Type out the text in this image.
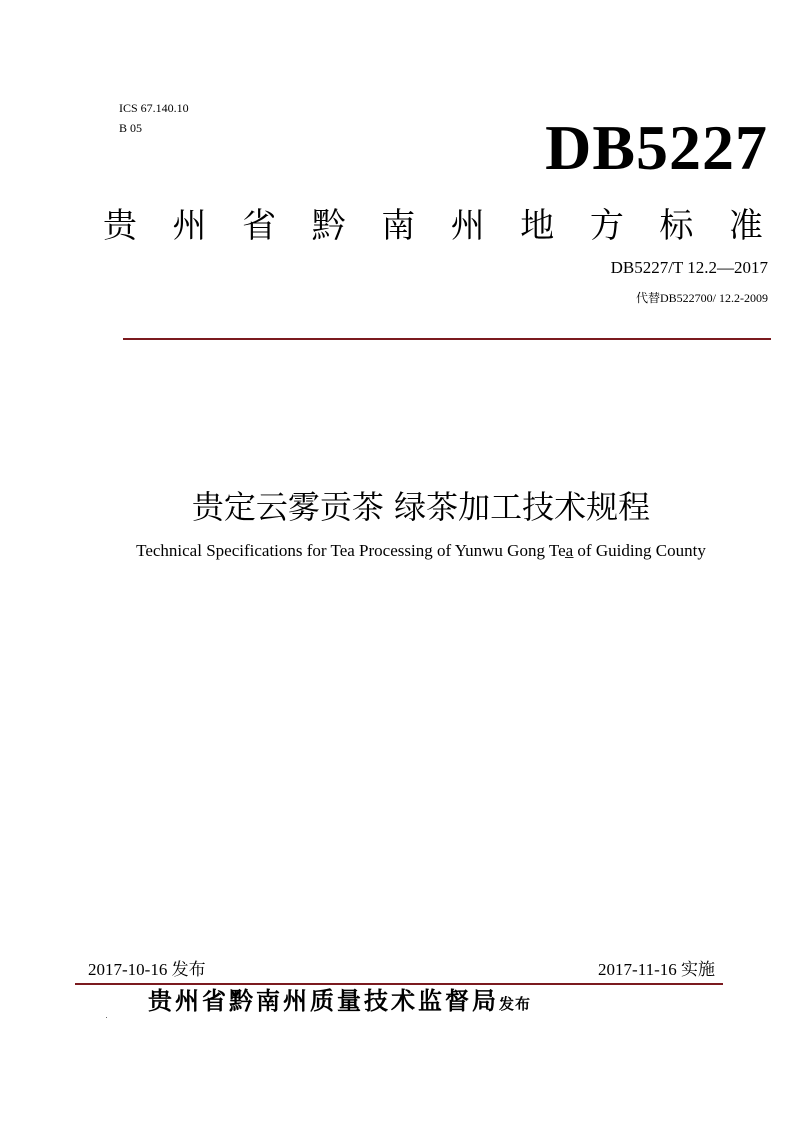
ICS 67.140.10
B 05	DB5227
贵 州 省 黔 南 州 地 方 标 准
DB5227/T 12.2—2017
代替DB522700/ 12.2-2009
贵定云雾贡茶 绿茶加工技术规程
Technical Specifications for Tea Processing of Yunwu Gong Tea̲ of Guiding County
2017-10-16 发布	2017-11-16 实施
贵州省黔南州质量技术监督局发布
